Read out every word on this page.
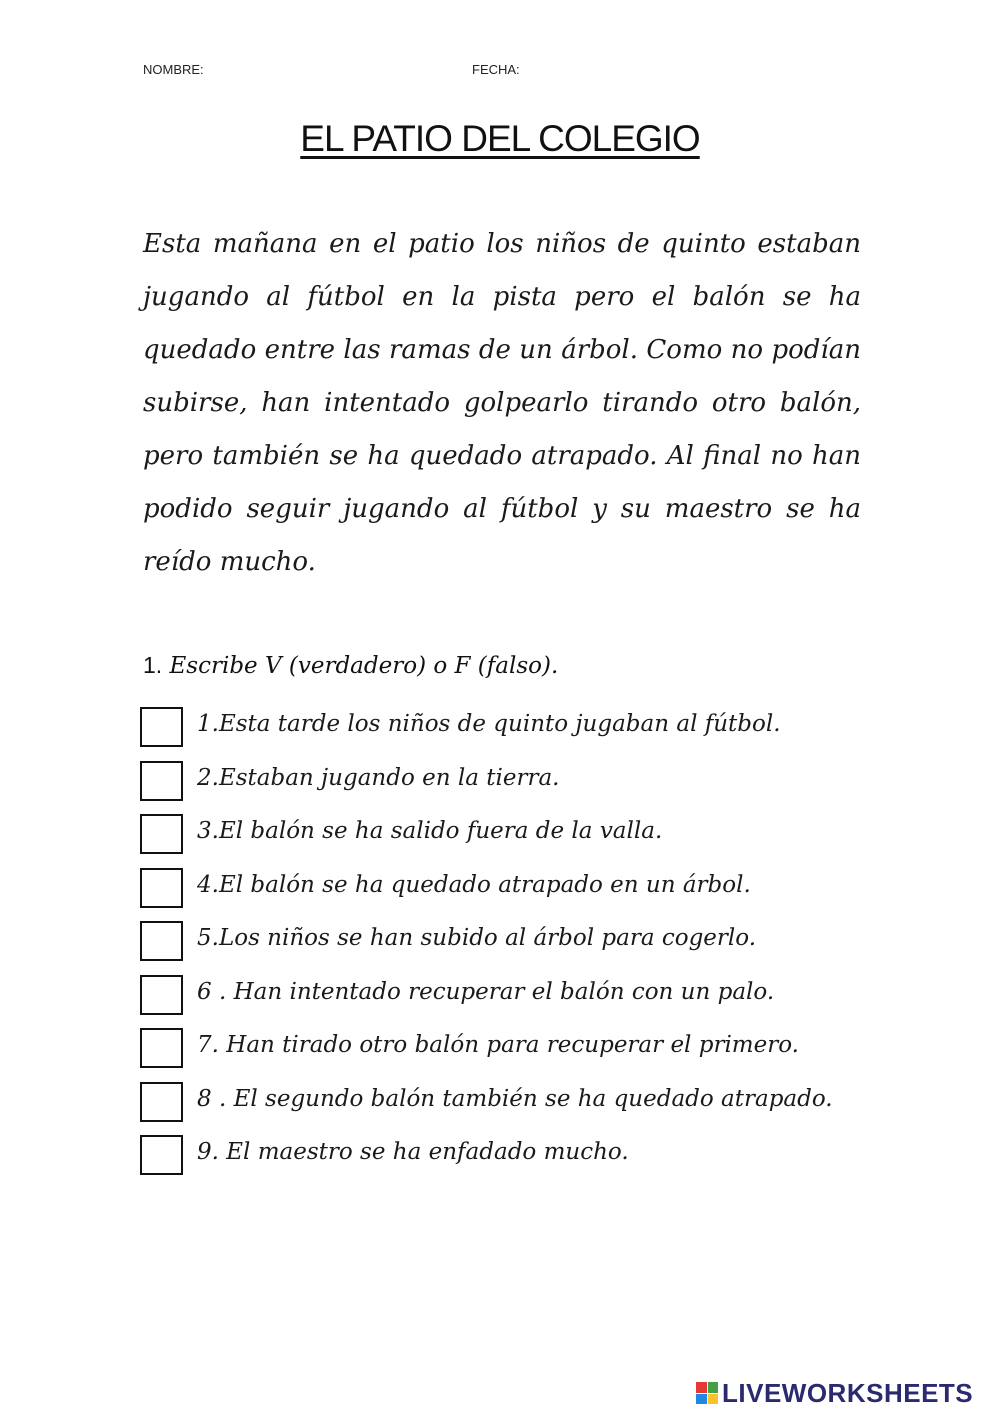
NOMBRE:	FECHA:
EL PATIO DEL COLEGIO

Esta mañana en el patio los niños de quinto estaban jugando al fútbol en la pista pero el balón se ha quedado entre las ramas de un árbol. Como no podían subirse, han intentado golpearlo tirando otro balón, pero también se ha quedado atrapado. Al final no han podido seguir jugando al fútbol y su maestro se ha reído mucho.

1. Escribe V (verdadero) o F (falso).
1.Esta tarde los niños de quinto jugaban al fútbol.
2.Estaban jugando en la tierra.
3.El balón se ha salido fuera de la valla.
4.El balón se ha quedado atrapado en un árbol.
5.Los niños se han subido al árbol para cogerlo.
6 . Han intentado recuperar el balón con un palo.
7. Han tirado otro balón para recuperar el primero.
8 . El segundo balón también se ha quedado atrapado.
9. El maestro se ha enfadado mucho.
LIVEWORKSHEETS
